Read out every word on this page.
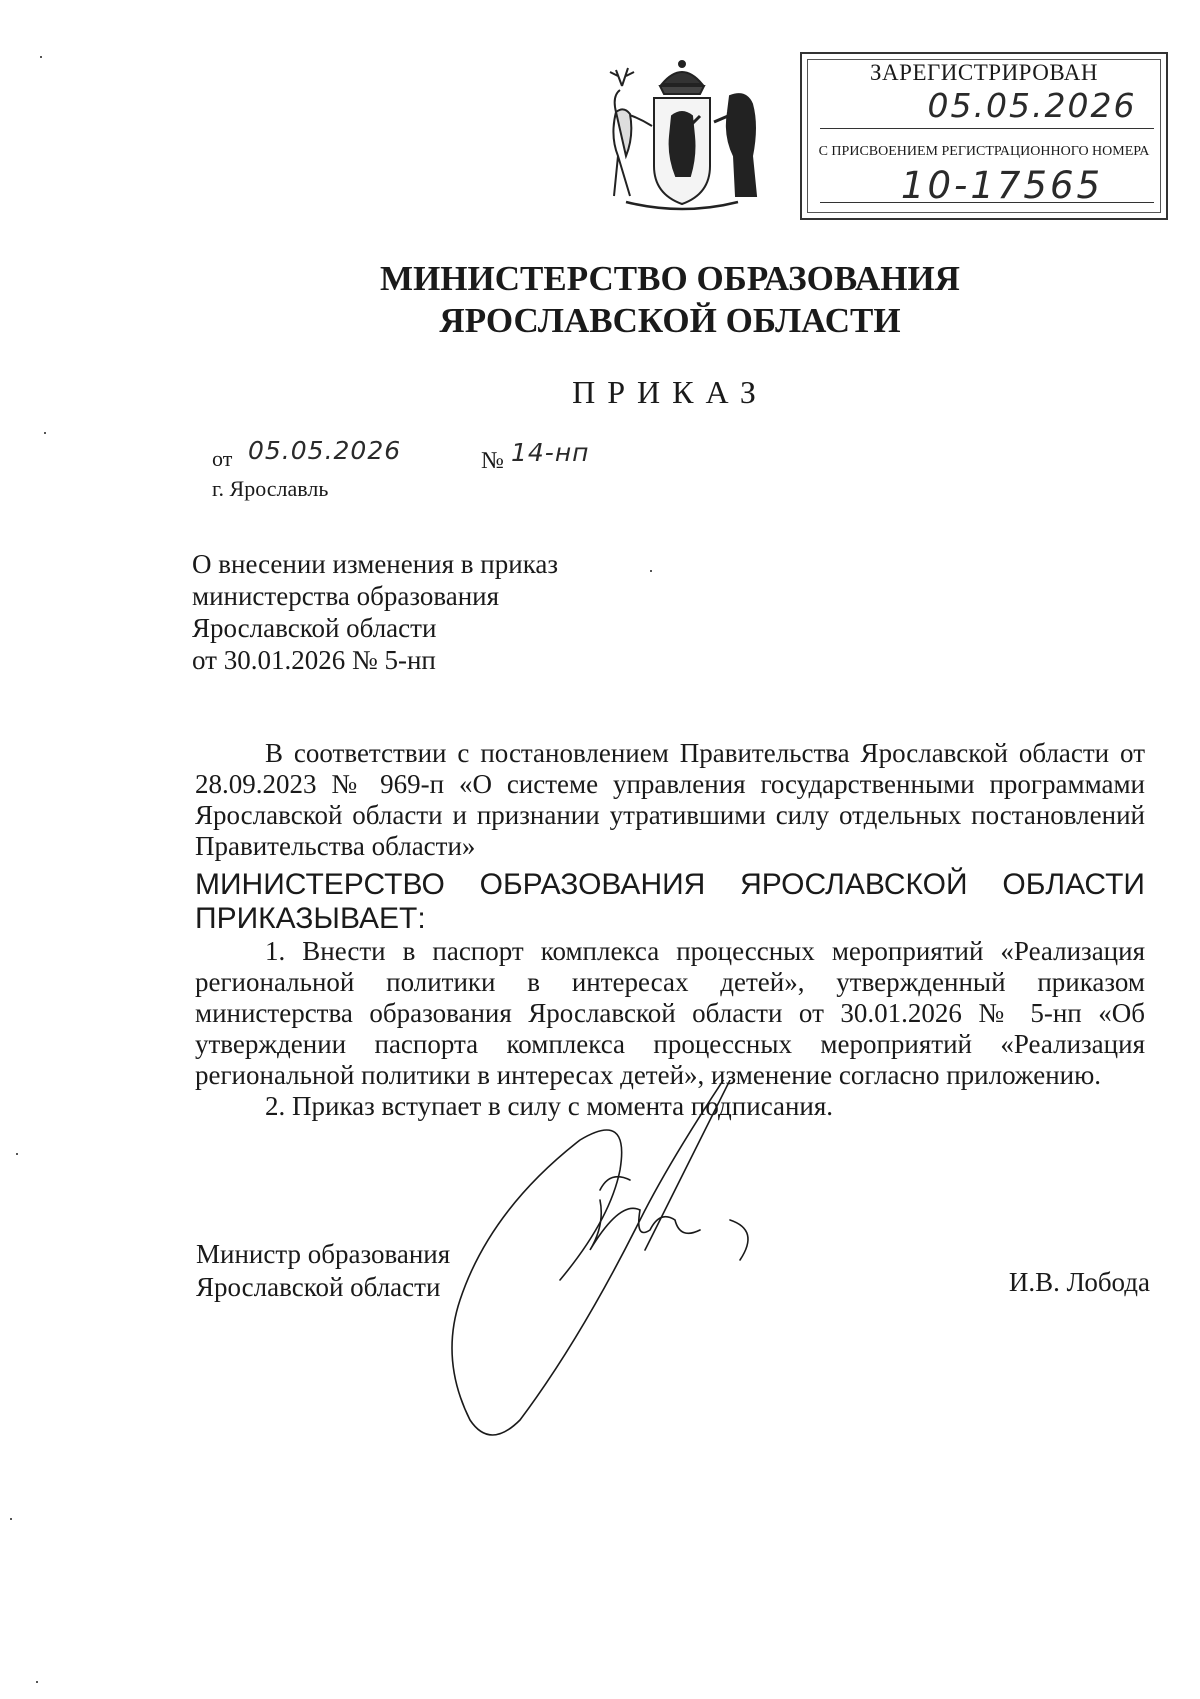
ЗАРЕГИСТРИРОВАН
05.05.2026
С ПРИСВОЕНИЕМ РЕГИСТРАЦИОННОГО НОМЕРА
10-17565
МИНИСТЕРСТВО ОБРАЗОВАНИЯ
ЯРОСЛАВСКОЙ ОБЛАСТИ
ПРИКАЗ
от 05.05.2026	№ 14-нп
г. Ярославль
О внесении изменения в приказ
министерства образования
Ярославской области
от 30.01.2026 № 5-нп

В соответствии с постановлением Правительства Ярославской области от 28.09.2023 № 969-п «О системе управления государственными программами Ярославской области и признании утратившими силу отдельных постановлений Правительства области»

МИНИСТЕРСТВО ОБРАЗОВАНИЯ ЯРОСЛАВСКОЙ ОБЛАСТИ ПРИКАЗЫВАЕТ:

1. Внести в паспорт комплекса процессных мероприятий «Реализация региональной политики в интересах детей», утвержденный приказом министерства образования Ярославской области от 30.01.2026 № 5-нп «Об утверждении паспорта комплекса процессных мероприятий «Реализация региональной политики в интересах детей», изменение согласно приложению.

2. Приказ вступает в силу с момента подписания.

Министр образования
Ярославской области	И.В. Лобода
